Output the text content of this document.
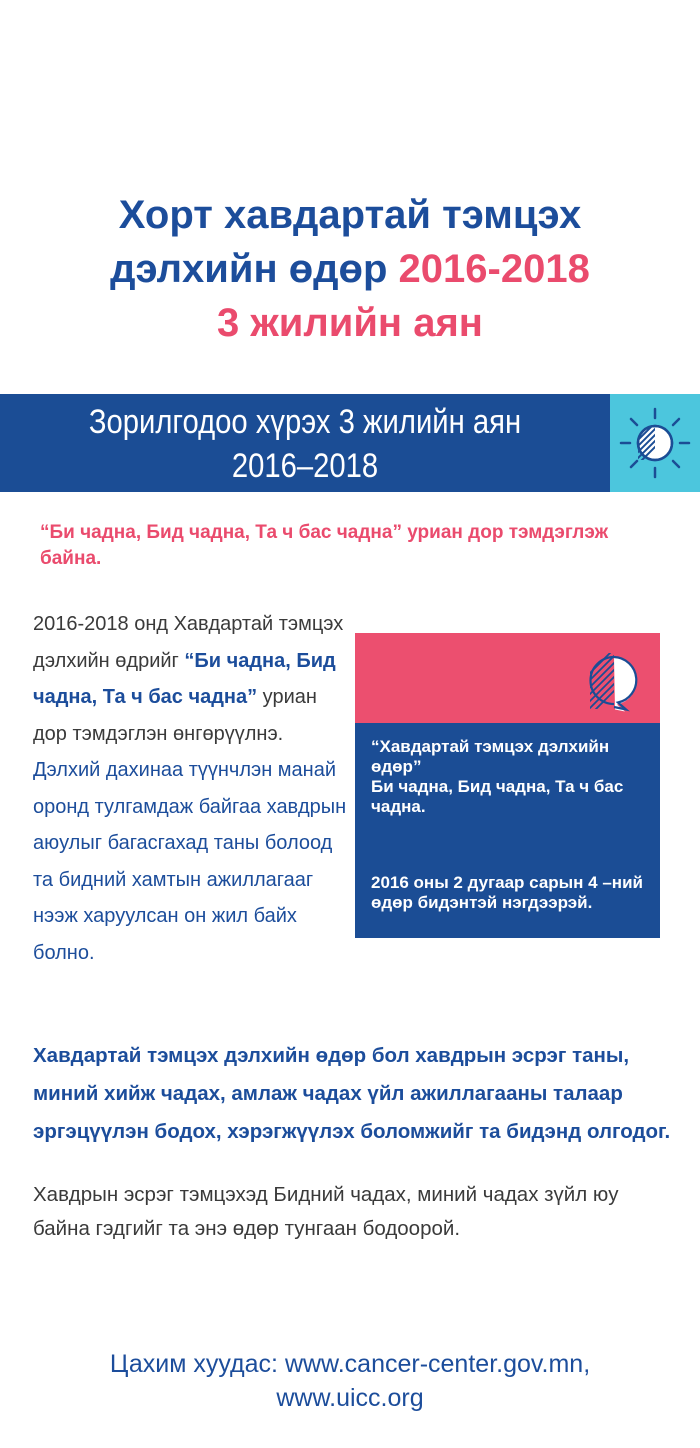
Хорт хавдартай тэмцэх
дэлхийн өдөр 2016-2018
3 жилийн аян
Зорилгодоо хүрэх 3 жилийн аян
2016–2018
“Би чадна, Бид чадна, Та ч бас чадна” уриан дор тэмдэглэж байна.
2016-2018 онд Хавдартай тэмцэх дэлхийн өдрийг “Би чадна, Бид чадна, Та ч бас чадна” уриан дор тэмдэглэн өнгөрүүлнэ.
Дэлхий дахинаа түүнчлэн манай оронд тулгамдаж байгаа хавдрын аюулыг багасгахад таны болоод та бидний хамтын ажиллагааг нээж харуулсан он жил байх болно.
“Хавдартай тэмцэх дэлхийн
өдөр”
Би чадна, Бид чадна, Та ч бас
чадна.
2016 оны 2 дугаар сарын 4 –ний
өдөр бидэнтэй нэгдээрэй.
Хавдартай тэмцэх дэлхийн өдөр бол хавдрын эсрэг таны, миний хийж чадах, амлаж чадах үйл ажиллагааны талаар эргэцүүлэн бодох, хэрэгжүүлэх боломжийг та бидэнд олгодог.
Хавдрын эсрэг тэмцэхэд Бидний чадах, миний чадах зүйл юу байна гэдгийг та энэ өдөр тунгаан бодоорой.
Цахим хуудас: www.cancer-center.gov.mn,
www.uicc.org
